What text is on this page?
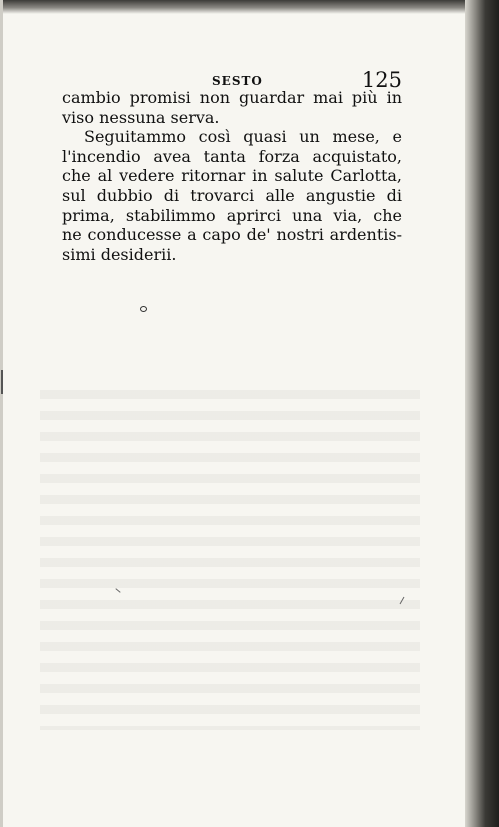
SESTO	125

cambio promisi non guardar mai più in
viso nessuna serva.

Seguitammo così quasi un mese, e
l'incendio avea tanta forza acquistato,
che al vedere ritornar in salute Carlotta,
sul dubbio di trovarci alle angustie di
prima, stabilimmo aprirci una via, che
ne conducesse a capo de' nostri ardentis-
simi desiderii.
